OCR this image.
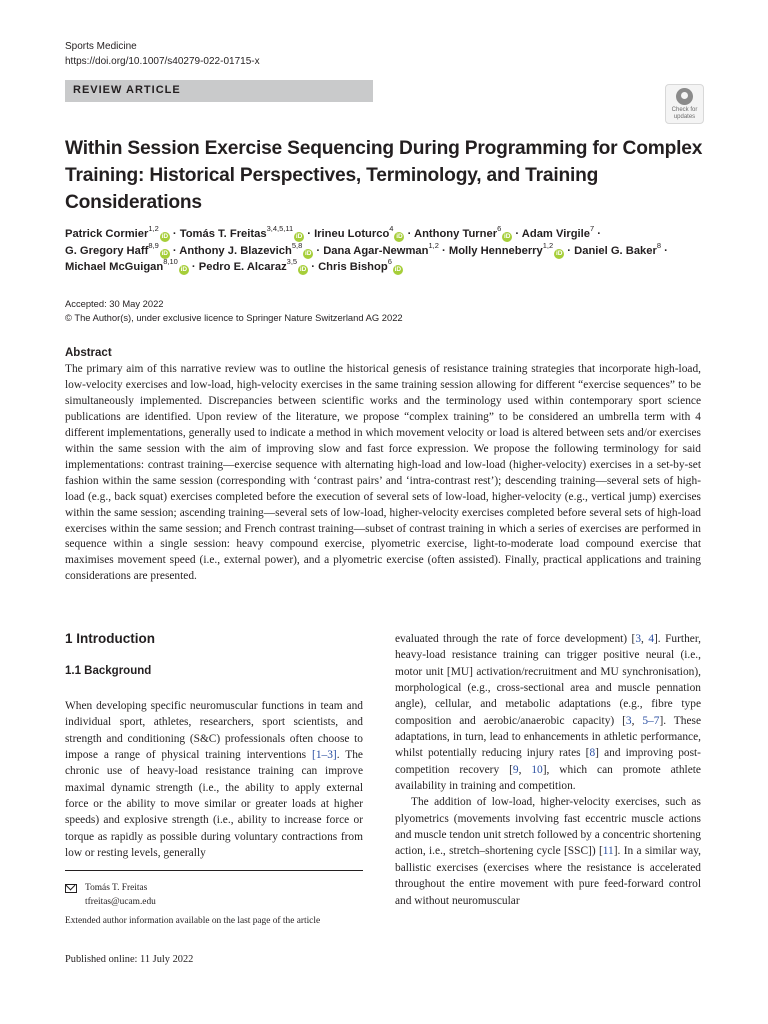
Sports Medicine
https://doi.org/10.1007/s40279-022-01715-x
REVIEW ARTICLE
Check for
updates
Within Session Exercise Sequencing During Programming for Complex Training: Historical Perspectives, Terminology, and Training Considerations
Patrick Cormier$^{1,2}$iD · Tomás T. Freitas$^{3,4,5,11}$iD · Irineu Loturco$^4$iD · Anthony Turner$^6$iD · Adam Virgile$^7$ ·
G. Gregory Haff$^{8,9}$iD · Anthony J. Blazevich$^{5,8}$iD · Dana Agar-Newman$^{1,2}$ · Molly Henneberry$^{1,2}$iD · Daniel G. Baker$^8$ ·
Michael McGuigan$^{8,10}$iD · Pedro E. Alcaraz$^{3,5}$iD · Chris Bishop$^6$iD
Accepted: 30 May 2022
© The Author(s), under exclusive licence to Springer Nature Switzerland AG 2022
Abstract
The primary aim of this narrative review was to outline the historical genesis of resistance training strategies that incorporate high-load, low-velocity exercises and low-load, high-velocity exercises in the same training session allowing for different “exercise sequences” to be simultaneously implemented. Discrepancies between scientific works and the terminology used within contemporary sport science publications are identified. Upon review of the literature, we propose “complex training” to be considered an umbrella term with 4 different implementations, generally used to indicate a method in which movement velocity or load is altered between sets and/or exercises within the same session with the aim of improving slow and fast force expression. We propose the following terminology for said implementations: contrast training—exercise sequence with alternating high-load and low-load (higher-velocity) exercises in a set-by-set fashion within the same session (corresponding with ‘contrast pairs’ and ‘intra-contrast rest’); descending training—several sets of high-load (e.g., back squat) exercises completed before the execution of several sets of low-load, higher-velocity (e.g., vertical jump) exercises within the same session; ascending training—several sets of low-load, higher-velocity exercises completed before several sets of high-load exercises within the same session; and French contrast training—subset of contrast training in which a series of exercises are performed in sequence within a single session: heavy compound exercise, plyometric exercise, light-to-moderate load compound exercise that maximises movement speed (i.e., external power), and a plyometric exercise (often assisted). Finally, practical applications and training considerations are presented.
1 Introduction
1.1 Background

When developing specific neuromuscular functions in team and individual sport, athletes, researchers, sport scientists, and strength and conditioning (S&C) professionals often choose to impose a range of physical training interventions [1–3]. The chronic use of heavy-load resistance training can improve maximal dynamic strength (i.e., the ability to apply external force or the ability to move similar or greater loads at higher speeds) and explosive strength (i.e., ability to increase force or torque as rapidly as possible during voluntary contractions from low or resting levels, generally

evaluated through the rate of force development) [3, 4]. Further, heavy-load resistance training can trigger positive neural (i.e., motor unit [MU] activation/recruitment and MU synchronisation), morphological (e.g., cross-sectional area and muscle pennation angle), cellular, and metabolic adaptations (e.g., fibre type composition and aerobic/anaerobic capacity) [3, 5–7]. These adaptations, in turn, lead to enhancements in athletic performance, whilst potentially reducing injury rates [8] and improving post-competition recovery [9, 10], which can promote athlete availability in training and competition.

The addition of low-load, higher-velocity exercises, such as plyometrics (movements involving fast eccentric muscle actions and muscle tendon unit stretch followed by a concentric shortening action, i.e., stretch–shortening cycle [SSC]) [11]. In a similar way, ballistic exercises (exercises where the resistance is accelerated throughout the entire movement with pure feed-forward control and without neuromuscular

Tomás T. Freitas
tfreitas@ucam.edu
Extended author information available on the last page of the article
Published online: 11 July 2022
